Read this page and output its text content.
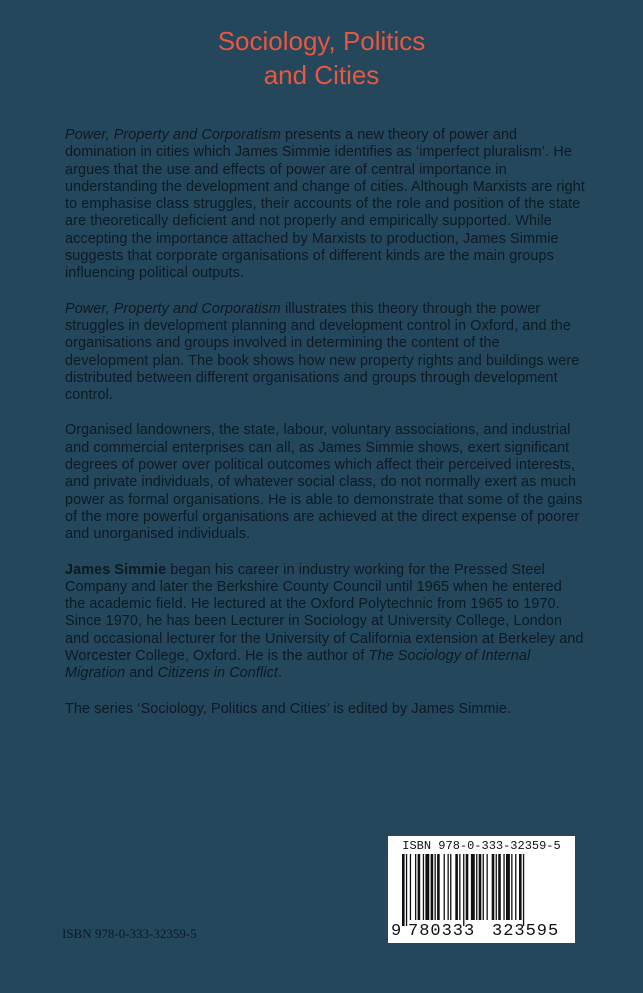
Sociology, Politics
and Cities

Power, Property and Corporatism presents a new theory of power and domination in cities which James Simmie identifies as ‘imperfect pluralism’. He argues that the use and effects of power are of central importance in understanding the development and change of cities. Although Marxists are right to emphasise class struggles, their accounts of the role and position of the state are theoretically deficient and not properly and empirically supported. While accepting the importance attached by Marxists to production, James Simmie suggests that corporate organisations of different kinds are the main groups influencing political outputs.

Power, Property and Corporatism illustrates this theory through the power struggles in development planning and development control in Oxford, and the organisations and groups involved in determining the content of the development plan. The book shows how new property rights and buildings were distributed between different organisations and groups through development control.

Organised landowners, the state, labour, voluntary associations, and industrial and commercial enterprises can all, as James Simmie shows, exert significant degrees of power over political outcomes which affect their perceived interests, and private individuals, of whatever social class, do not normally exert as much power as formal organisations. He is able to demonstrate that some of the gains of the more powerful organisations are achieved at the direct expense of poorer and unorganised individuals.

James Simmie began his career in industry working for the Pressed Steel Company and later the Berkshire County Council until 1965 when he entered the academic field. He lectured at the Oxford Polytechnic from 1965 to 1970. Since 1970, he has been Lecturer in Sociology at University College, London and occasional lecturer for the University of California extension at Berkeley and Worcester College, Oxford. He is the author of The Sociology of Internal Migration and Citizens in Conflict.

The series ‘Sociology, Politics and Cities’ is edited by James Simmie.

ISBN 978-0-333-32359-5
9 780333 323595
ISBN 978-0-333-32359-5
